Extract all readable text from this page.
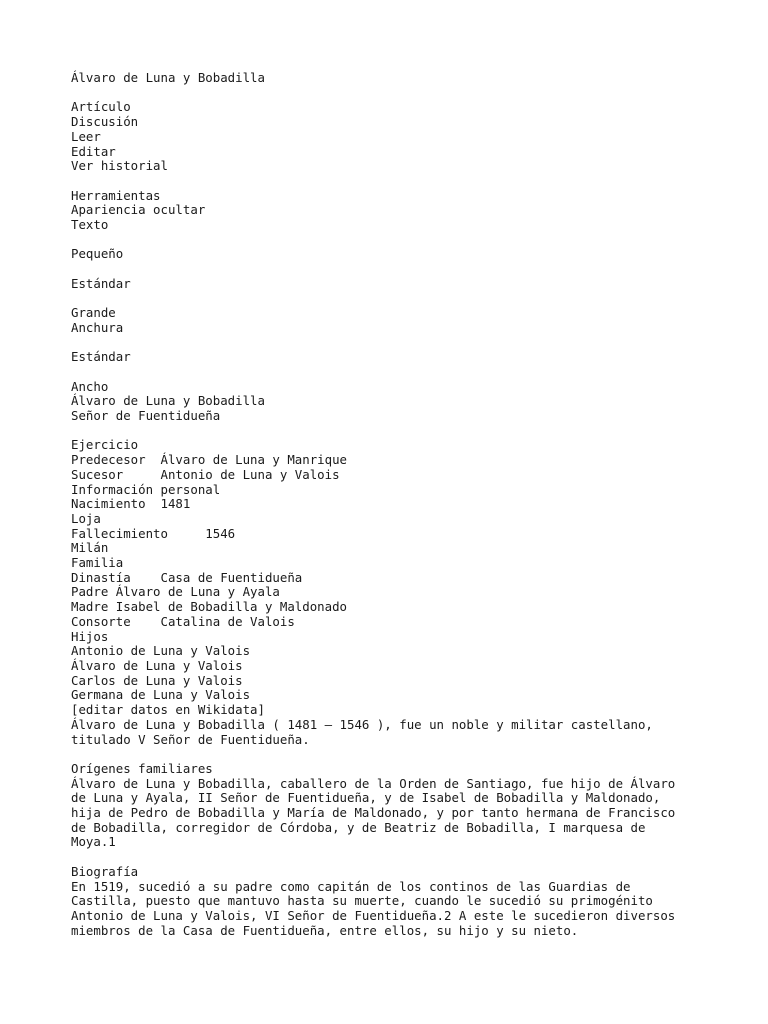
Álvaro de Luna y Bobadilla
Artículo
Discusión
Leer
Editar
Ver historial
Herramientas
Apariencia ocultar
Texto
Pequeño
Estándar
Grande
Anchura
Estándar
Ancho
Álvaro de Luna y Bobadilla
Señor de Fuentidueña
Ejercicio
Predecesor  Álvaro de Luna y Manrique
Sucesor     Antonio de Luna y Valois
Información personal
Nacimiento  1481
Loja
Fallecimiento     1546
Milán
Familia
Dinastía    Casa de Fuentidueña
Padre Álvaro de Luna y Ayala
Madre Isabel de Bobadilla y Maldonado
Consorte    Catalina de Valois
Hijos
Antonio de Luna y Valois
Álvaro de Luna y Valois
Carlos de Luna y Valois
Germana de Luna y Valois
[editar datos en Wikidata]
Álvaro de Luna y Bobadilla ( 1481 – 1546 ), fue un noble y militar castellano,
titulado V Señor de Fuentidueña.
Orígenes familiares
Álvaro de Luna y Bobadilla, caballero de la Orden de Santiago, fue hijo de Álvaro
de Luna y Ayala, II Señor de Fuentidueña, y de Isabel de Bobadilla y Maldonado,
hija de Pedro de Bobadilla y María de Maldonado, y por tanto hermana de Francisco
de Bobadilla, corregidor de Córdoba, y de Beatriz de Bobadilla, I marquesa de
Moya.1
Biografía
En 1519, sucedió a su padre como capitán de los continos de las Guardias de
Castilla, puesto que mantuvo hasta su muerte, cuando le sucedió su primogénito
Antonio de Luna y Valois, VI Señor de Fuentidueña.2 A este le sucedieron diversos
miembros de la Casa de Fuentidueña, entre ellos, su hijo y su nieto.
